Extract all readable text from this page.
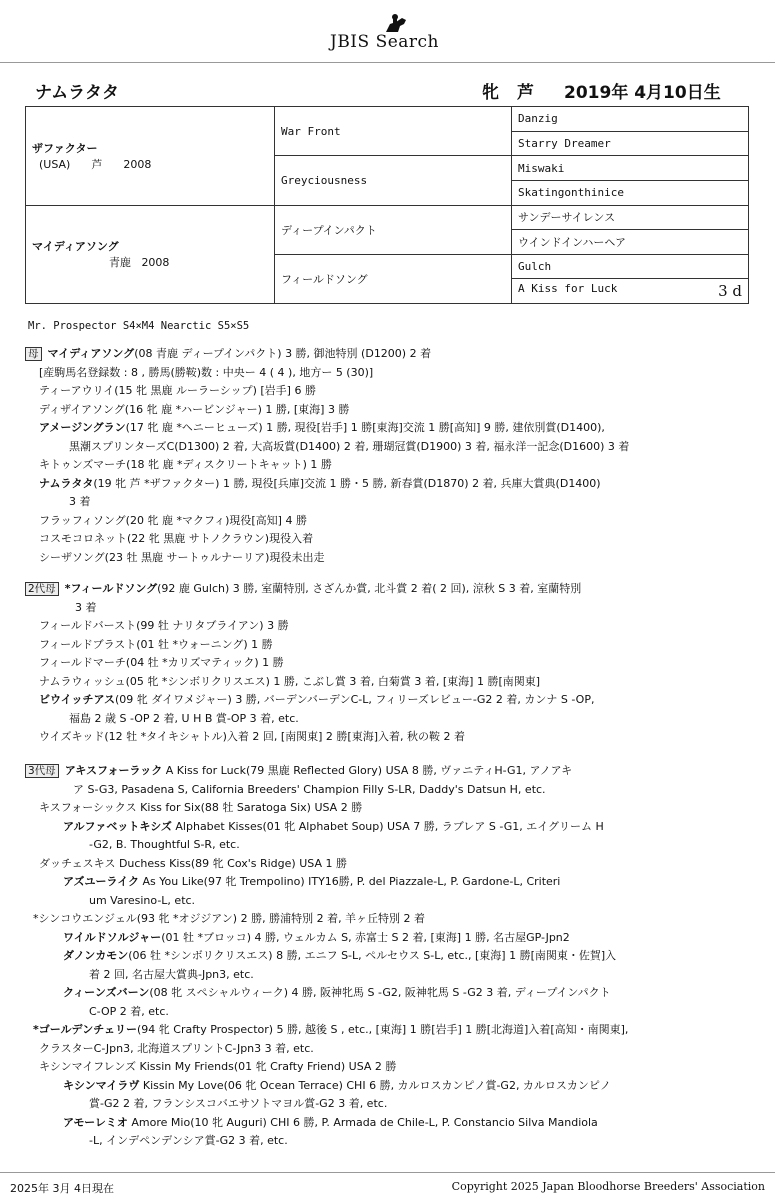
JBIS Search
ナムラタタ	牝 芦 2019年 4月10日生
ザファクター
(USA) 芦 2008	War Front	Danzig
		Starry Dreamer
	Greyciousness	Miswaki
		Skatingonthinice
マイディアソング
青鹿 2008	ディープインパクト	サンデーサイレンス
		ウインドインハーヘア
	フィールドソング	Gulch
		A Kiss for Luck 3 d
Mr. Prospector S4×M4 Nearctic S5×S5
母 マイディアソング(08 青鹿 ディープインパクト) 3 勝, 御池特別 (D1200) 2 着
[産駒馬名登録数 : 8 , 勝馬(勝鞍)数 : 中央ー 4 ( 4 ), 地方ー 5 (30)]
ティーアウリイ(15 牝 黒鹿 ルーラーシップ) [岩手] 6 勝
ディザイアソング(16 牝 鹿 *ハービンジャー) 1 勝, [東海] 3 勝
アメージングラン(17 牝 鹿 *ヘニーヒューズ) 1 勝, 現役[岩手] 1 勝[東海]交流 1 勝[高知] 9 勝, 建依別賞(D1400),
黒潮スプリンターズC(D1300) 2 着, 大高坂賞(D1400) 2 着, 珊瑚冠賞(D1900) 3 着, 福永洋一記念(D1600) 3 着
キトゥンズマーチ(18 牝 鹿 *ディスクリートキャット) 1 勝
ナムラタタ(19 牝 芦 *ザファクター) 1 勝, 現役[兵庫]交流 1 勝・5 勝, 新春賞(D1870) 2 着, 兵庫大賞典(D1400)
3 着
フラッフィソング(20 牝 鹿 *マクフィ)現役[高知] 4 勝
コスモコロネット(22 牝 黒鹿 サトノクラウン)現役入着
シーザソング(23 牡 黒鹿 サートゥルナーリア)現役未出走
2代母 *フィールドソング(92 鹿 Gulch) 3 勝, 室蘭特別, さざんか賞, 北斗賞 2 着( 2 回), 涼秋 S 3 着, 室蘭特別
3 着
フィールドバースト(99 牡 ナリタブライアン) 3 勝
フィールドブラスト(01 牡 *ウォーニング) 1 勝
フィールドマーチ(04 牡 *カリズマティック) 1 勝
ナムラウィッシュ(05 牝 *シンボリクリスエス) 1 勝, こぶし賞 3 着, 白菊賞 3 着, [東海] 1 勝[南関東]
ビウイッチアス(09 牝 ダイワメジャー) 3 勝, バーデンバーデンC-L, フィリーズレビュー-G2 2 着, カンナ S -OP,
福島 2 歳 S -OP 2 着, U H B 賞-OP 3 着, etc.
ウイズキッド(12 牡 *タイキシャトル)入着 2 回, [南関東] 2 勝[東海]入着, 秋の鞍 2 着
3代母 アキスフォーラック A Kiss for Luck(79 黒鹿 Reflected Glory) USA 8 勝, ヴァニティH-G1, アノアキ
ア S-G3, Pasadena S, California Breeders' Champion Filly S-LR, Daddy's Datsun H, etc.
キスフォーシックス Kiss for Six(88 牡 Saratoga Six) USA 2 勝
アルファベットキシズ Alphabet Kisses(01 牝 Alphabet Soup) USA 7 勝, ラブレア S -G1, エイグリーム H
-G2, B. Thoughtful S-R, etc.
ダッチェスキス Duchess Kiss(89 牝 Cox's Ridge) USA 1 勝
アズユーライク As You Like(97 牝 Trempolino) ITY16勝, P. del Piazzale-L, P. Gardone-L, Criteri
um Varesino-L, etc.
*シンコウエンジェル(93 牝 *オジジアン) 2 勝, 勝浦特別 2 着, 羊ヶ丘特別 2 着
ワイルドソルジャー(01 牡 *ブロッコ) 4 勝, ウェルカム S, 赤富士 S 2 着, [東海] 1 勝, 名古屋GP-Jpn2
ダノンカモン(06 牡 *シンボリクリスエス) 8 勝, エニフ S-L, ペルセウス S-L, etc., [東海] 1 勝[南関東・佐賀]入
着 2 回, 名古屋大賞典-Jpn3, etc.
クィーンズバーン(08 牝 スペシャルウィーク) 4 勝, 阪神牝馬 S -G2, 阪神牝馬 S -G2 3 着, ディープインパクト
C-OP 2 着, etc.
*ゴールデンチェリー(94 牝 Crafty Prospector) 5 勝, 越後 S , etc., [東海] 1 勝[岩手] 1 勝[北海道]入着[高知・南関東],
クラスターC-Jpn3, 北海道スプリントC-Jpn3 3 着, etc.
キシンマイフレンズ Kissin My Friends(01 牝 Crafty Friend) USA 2 勝
キシンマイラヴ Kissin My Love(06 牝 Ocean Terrace) CHI 6 勝, カルロスカンピノ賞-G2, カルロスカンピノ
賞-G2 2 着, フランシスコバエサソトマヨル賞-G2 3 着, etc.
アモーレミオ Amore Mio(10 牝 Auguri) CHI 6 勝, P. Armada de Chile-L, P. Constancio Silva Mandiola
-L, インデペンデンシア賞-G2 3 着, etc.
2025年 3月 4日現在	Copyright 2025 Japan Bloodhorse Breeders' Association
